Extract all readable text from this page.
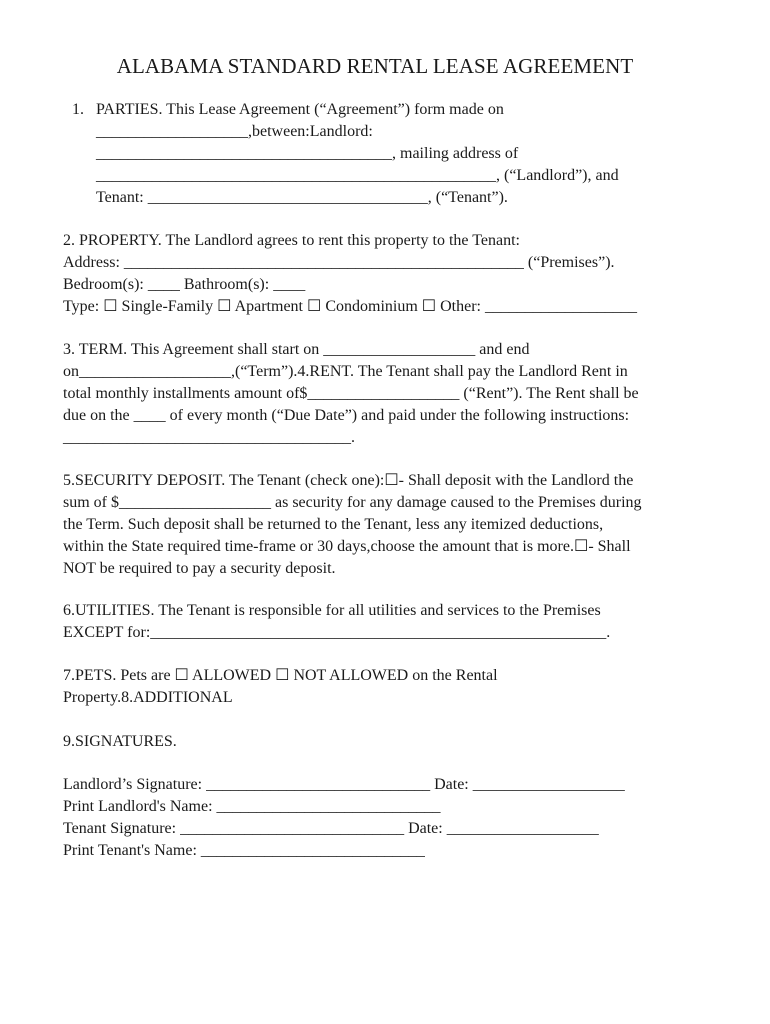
ALABAMA STANDARD RENTAL LEASE AGREEMENT
1. PARTIES. This Lease Agreement (“Agreement”) form made on
___________________,between:Landlord:
_____________________________________, mailing address of
__________________________________________________, (“Landlord”), and
Tenant: ___________________________________, (“Tenant”).
2. PROPERTY. The Landlord agrees to rent this property to the Tenant:
Address: __________________________________________________ (“Premises”).
Bedroom(s): ____ Bathroom(s): ____
Type: ☐ Single-Family ☐ Apartment ☐ Condominium ☐ Other: ___________________
3. TERM. This Agreement shall start on ___________________ and end
on___________________,(“Term”).4.RENT. The Tenant shall pay the Landlord Rent in
total monthly installments amount of$___________________ (“Rent”). The Rent shall be
due on the ____ of every month (“Due Date”) and paid under the following instructions:
____________________________________.
5.SECURITY DEPOSIT. The Tenant (check one):☐- Shall deposit with the Landlord the
sum of $___________________ as security for any damage caused to the Premises during
the Term. Such deposit shall be returned to the Tenant, less any itemized deductions,
within the State required time-frame or 30 days,choose the amount that is more.☐- Shall
NOT be required to pay a security deposit.
6.UTILITIES. The Tenant is responsible for all utilities and services to the Premises
EXCEPT for:_________________________________________________________.
7.PETS. Pets are ☐ ALLOWED ☐ NOT ALLOWED on the Rental
Property.8.ADDITIONAL
9.SIGNATURES.
Landlord’s Signature: ____________________________ Date: ___________________
Print Landlord's Name: ____________________________
Tenant Signature: ____________________________ Date: ___________________
Print Tenant's Name: ____________________________
